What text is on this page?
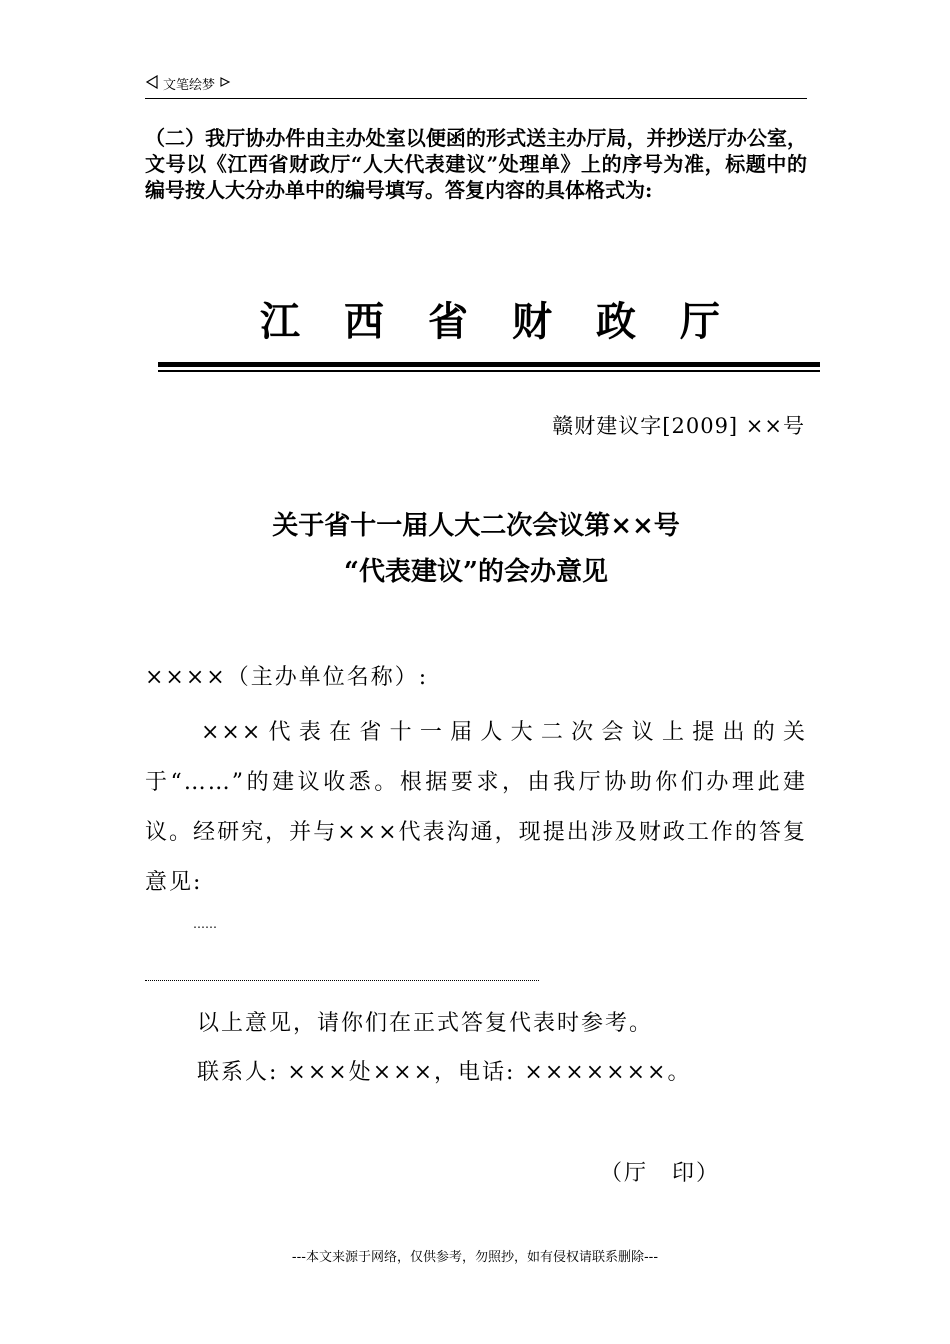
文笔绘梦
（二）我厅协办件由主办处室以便函的形式送主办厅局，并抄送厅办公室，文号以《江西省财政厅“人大代表建议”处理单》上的序号为准，标题中的编号按人大分办单中的编号填写。答复内容的具体格式为:
江西省财政厅
赣财建议字[2009] ××号
关于省十一届人大二次会议第××号
“代表建议”的会办意见
××××（主办单位名称）:
×××代表在省十一届人大二次会议上提出的关于“……”的建议收悉。根据要求，由我厅协助你们办理此建议。经研究，并与×××代表沟通，现提出涉及财政工作的答复意见:
……
以上意见，请你们在正式答复代表时参考。
联系人: ×××处×××，电话: ×××××××。
（厅　印）
---本文来源于网络，仅供参考，勿照抄，如有侵权请联系删除---
